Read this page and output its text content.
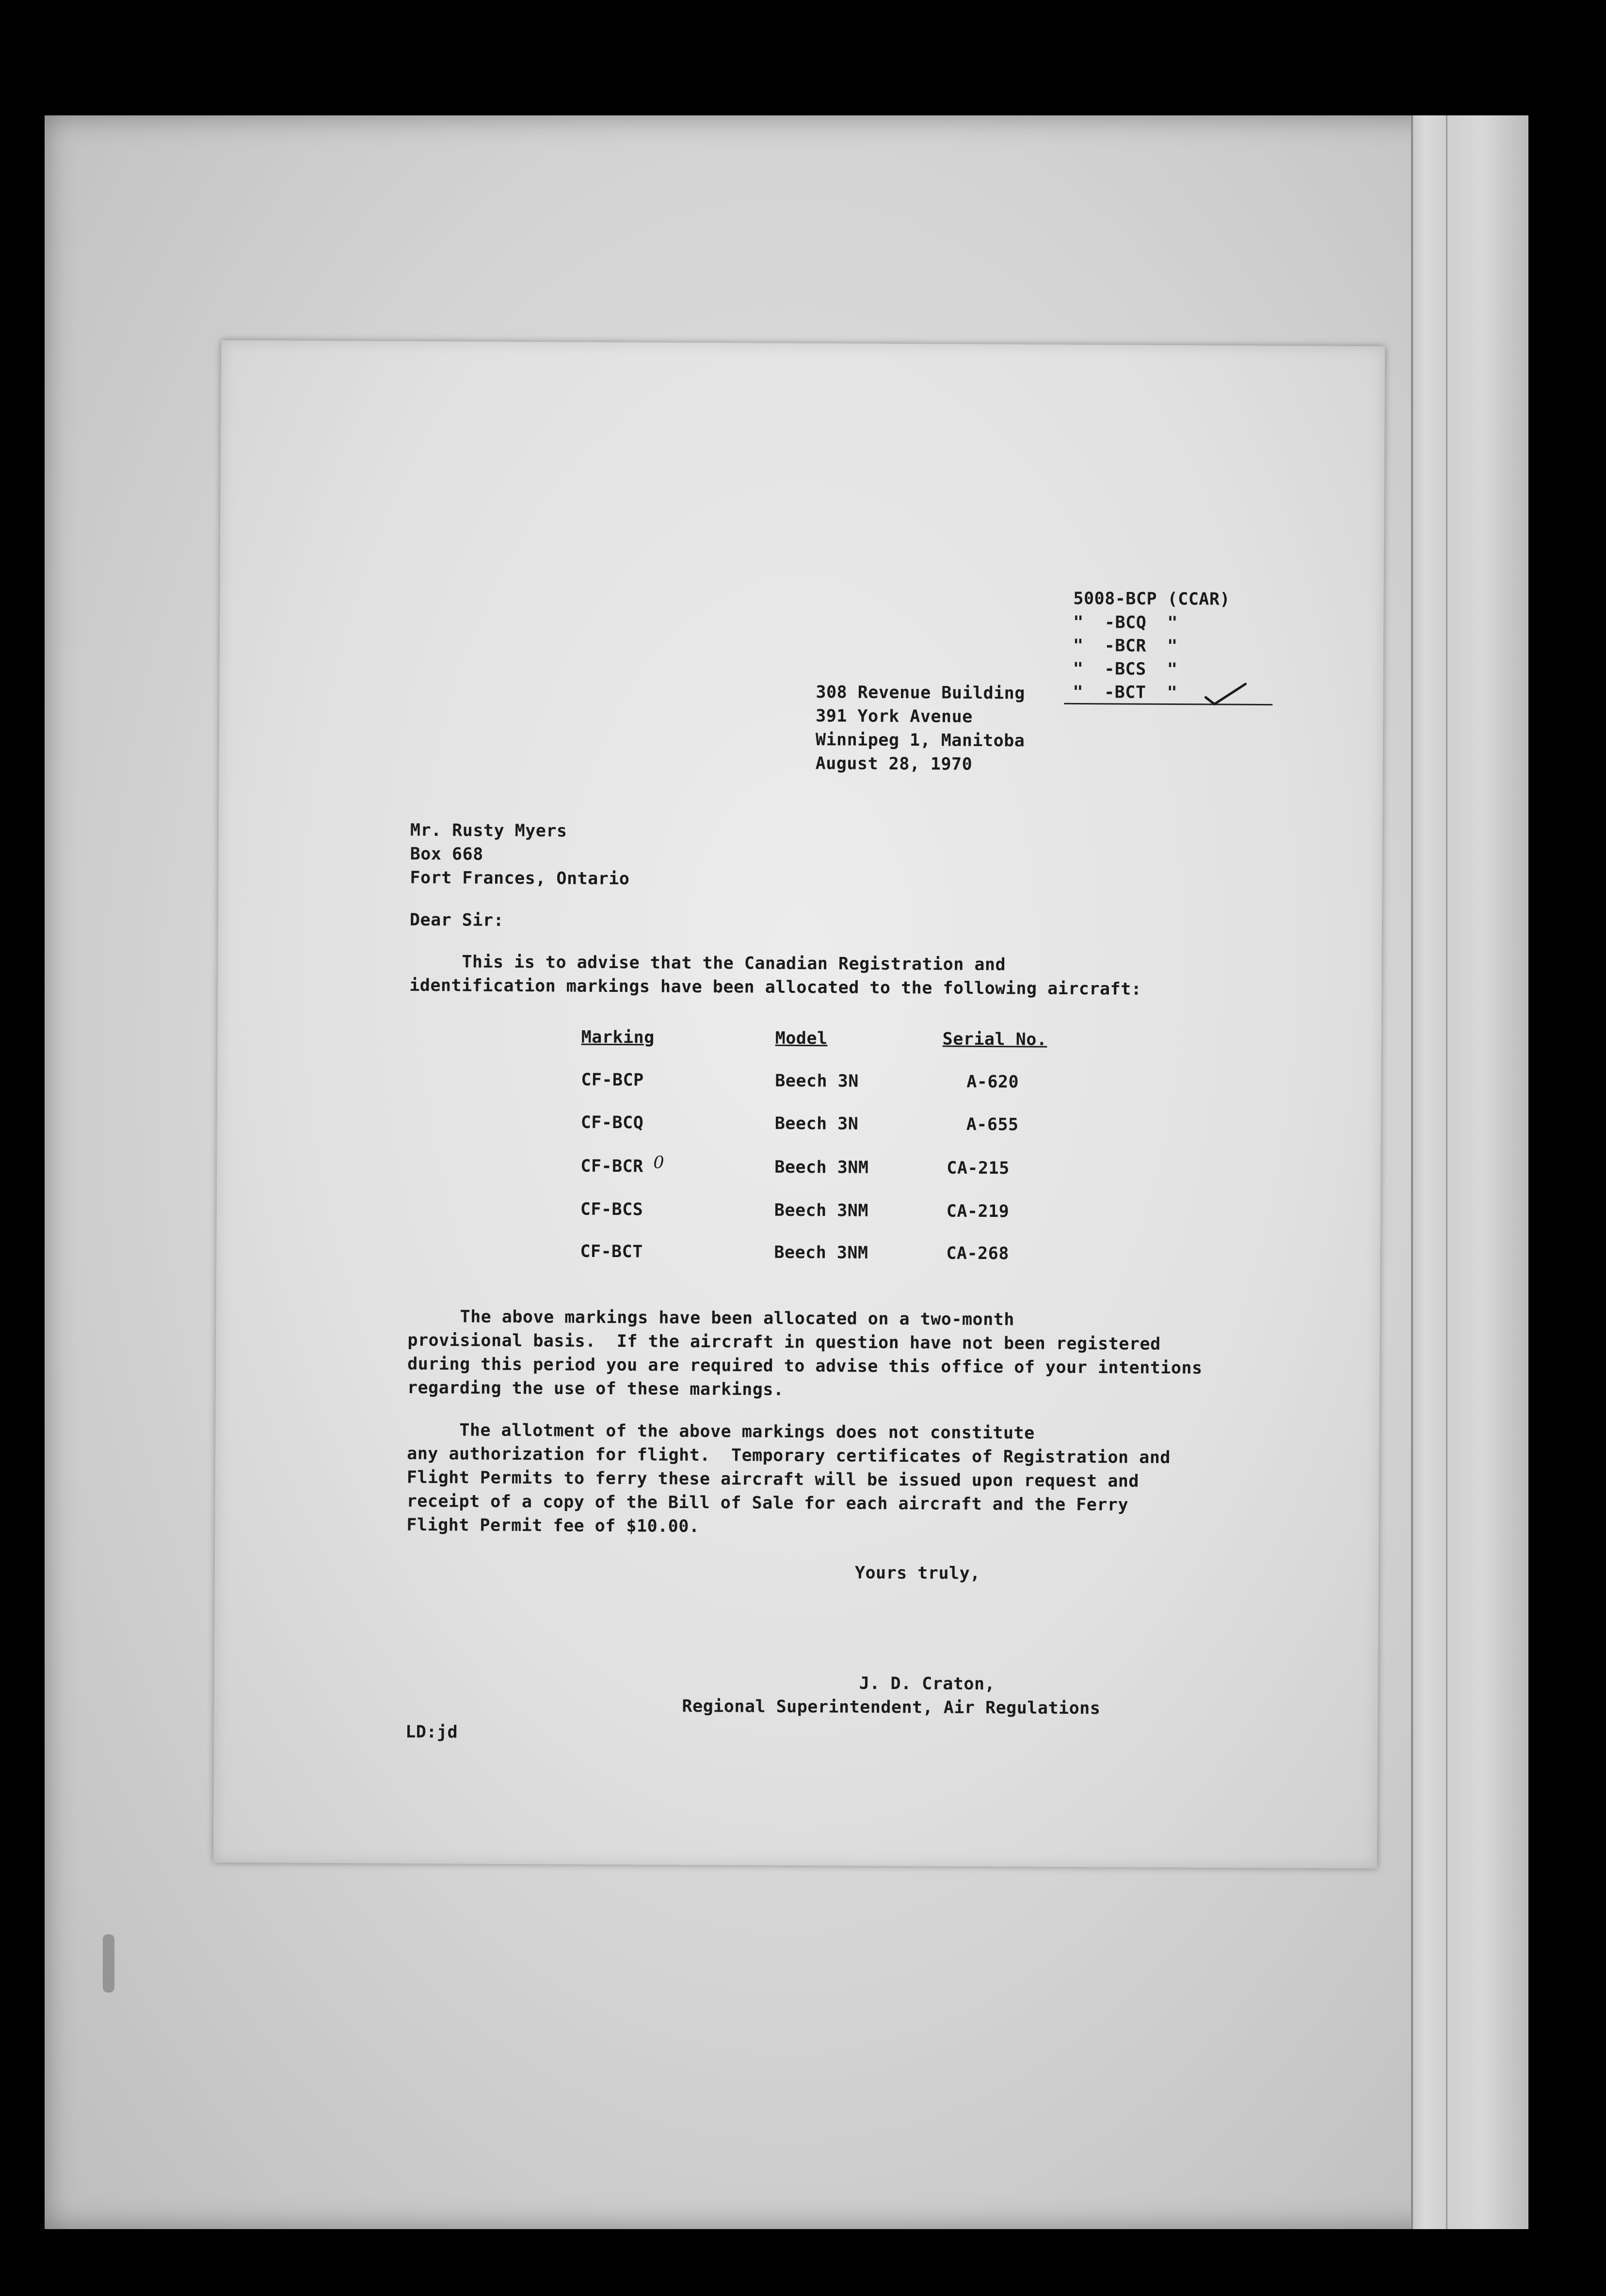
5008-BCP (CCAR)
"  -BCQ  "
"  -BCR  "
"  -BCS  "
"  -BCT  "
308 Revenue Building
391 York Avenue
Winnipeg 1, Manitoba
August 28, 1970
Mr. Rusty Myers
Box 668
Fort Frances, Ontario
Dear Sir:
This is to advise that the Canadian Registration and
identification markings have been allocated to the following aircraft:
Marking	Model	Serial No.
CF-BCP	Beech 3N	A-620
CF-BCQ	Beech 3N	A-655
CF-BCR 0	Beech 3NM	CA-215
CF-BCS	Beech 3NM	CA-219
CF-BCT	Beech 3NM	CA-268
The above markings have been allocated on a two-month
provisional basis.  If the aircraft in question have not been registered
during this period you are required to advise this office of your intentions
regarding the use of these markings.
The allotment of the above markings does not constitute
any authorization for flight.  Temporary certificates of Registration and
Flight Permits to ferry these aircraft will be issued upon request and
receipt of a copy of the Bill of Sale for each aircraft and the Ferry
Flight Permit fee of $10.00.
Yours truly,
J. D. Craton,
Regional Superintendent, Air Regulations
LD:jd
